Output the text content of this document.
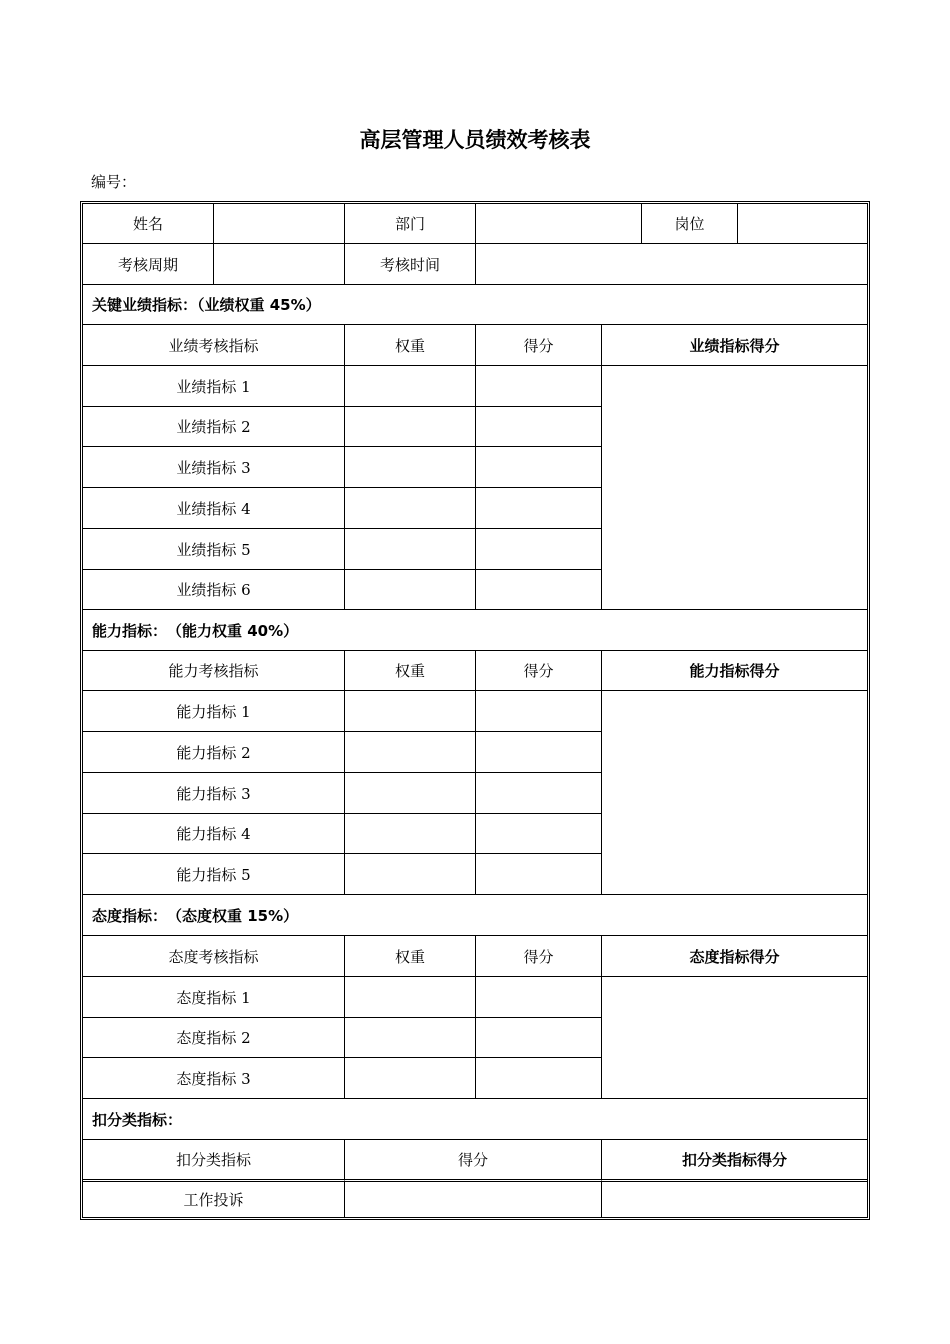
高层管理人员绩效考核表
编号：
姓名	部门	岗位
考核周期	考核时间
关键业绩指标：（业绩权重 45%）
业绩考核指标	权重	得分	业绩指标得分
业绩指标 1
业绩指标 2
业绩指标 3
业绩指标 4
业绩指标 5
业绩指标 6
能力指标：　（能力权重 40%）
能力考核指标	权重	得分	能力指标得分
能力指标 1
能力指标 2
能力指标 3
能力指标 4
能力指标 5
态度指标：　（态度权重 15%）
态度考核指标	权重	得分	态度指标得分
态度指标 1
态度指标 2
态度指标 3
扣分类指标：
扣分类指标	得分	扣分类指标得分
工作投诉
